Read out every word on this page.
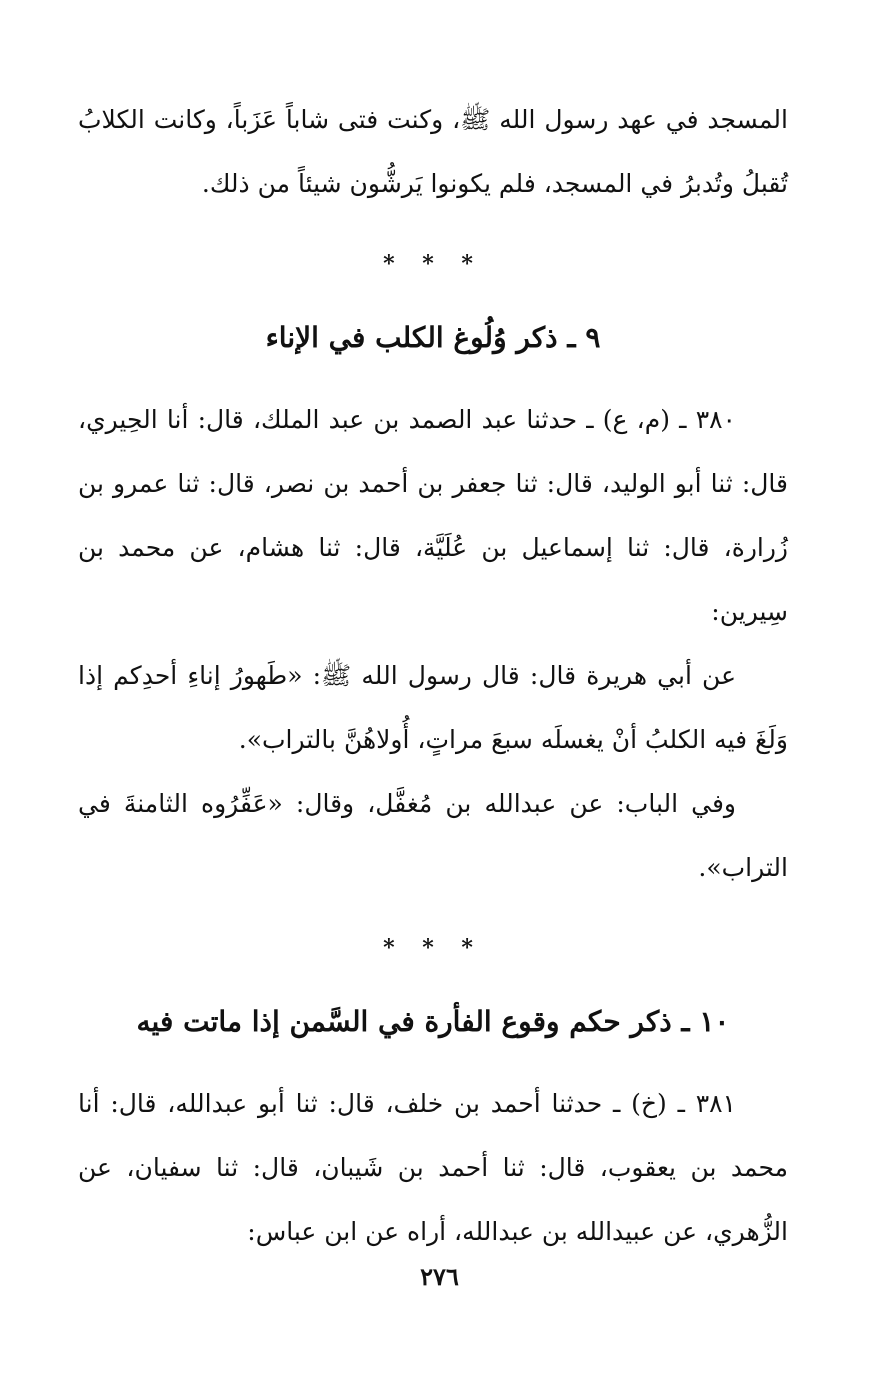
المسجد في عهد رسول الله ﷺ، وكنت فتى شاباً عَزَباً، وكانت الكلابُ تُقبلُ وتُدبرُ في المسجد، فلم يكونوا يَرشُّون شيئاً من ذلك.

* * *

٩ ـ ذكر وُلُوغ الكلب في الإناء

٣٨٠ ـ (م، ع) ـ حدثنا عبد الصمد بن عبد الملك، قال: أنا الحِيري، قال: ثنا أبو الوليد، قال: ثنا جعفر بن أحمد بن نصر، قال: ثنا عمرو بن زُرارة، قال: ثنا إسماعيل بن عُلَيَّة، قال: ثنا هشام، عن محمد بن سِيرين:

عن أبي هريرة قال: قال رسول الله ﷺ: «طَهورُ إناءِ أحدِكم إذا وَلَغَ فيه الكلبُ أنْ يغسلَه سبعَ مراتٍ، أُولاهُنَّ بالتراب».

وفي الباب: عن عبدالله بن مُغفَّل، وقال: «عَفِّرُوه الثامنةَ في التراب».

* * *

١٠ ـ ذكر حكم وقوع الفأرة في السَّمن إذا ماتت فيه

٣٨١ ـ (خ) ـ حدثنا أحمد بن خلف، قال: ثنا أبو عبدالله، قال: أنا محمد بن يعقوب، قال: ثنا أحمد بن شَيبان، قال: ثنا سفيان، عن الزُّهري، عن عبيدالله بن عبدالله، أراه عن ابن عباس:

٢٧٦
